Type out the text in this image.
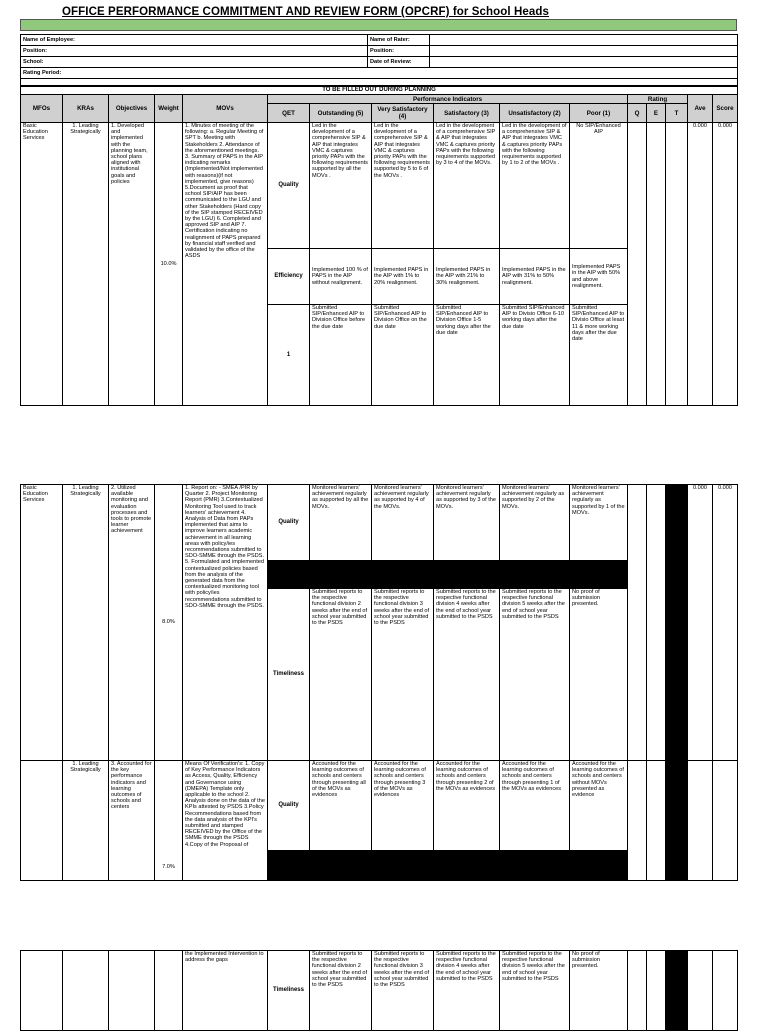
OFFICE PERFORMANCE COMMITMENT AND REVIEW FORM (OPCRF) for School Heads
Name of Employee:	Name of Rater:	
Position:	Position:	
School:	Date of Review:	
Rating Period:		

TO BE FILLED OUT DURING PLANNING															
MFOs	KRAs	Objectives	Weight	MOVs	Performance Indicators						Rating			Ave	Score
					QET	Outstanding (5)	Very Satisfactory (4)	Satisfactory (3)	Unsatisfactory (2)	Poor (1)	Q	E	T		
Basic Education Services	1. Leading Strategically	1. Developed and implemented with the planning team, school plans aligned with institutional goals and policies	10.0%	1. Minutes of meeting of the following: a. Regular Meeting of SPT b. Meeting with Stakeholders 2. Attendance of the aforementioned meetings. 3. Summary of PAPS in the AIP indicating remarks (Implemented/Not implemented with reasons)(if not implemented, give reasons) 5.Document as proof that school SIP/AIP has been communicated to the LGU and other Stakeholders (Hard copy of the SIP stamped RECEIVED by the LGU) 6. Completed and approved SIP and AIP 7. Certification indicating no realignment of PAPS prepared by financial staff verified and validated by the office of the ASDS	Quality	Led in the development of a comprehensive SIP & AIP that integrates VMC & captures priority PAPs with the following requirements supported by all the MOVs .	Led in the development of a comprehensive SIP & AIP that integrates VMC & captures priority PAPs with the following requirements supported by 5 to 6 of the MOVs .	Led in the development of a comprehensive SIP & AIP that integrates VMC & captures priority PAPs with the following requirements supported by 3 to 4 of the MOVs.	Led in the development of a comprehensive SIP & AIP that integrates VMC & captures priority PAPs with the following requirements supported by 1 to 2 of the MOVs .	No SIP/Enhanced AIP				0.000	0.000
					Efficiency	Implemented 100 % of PAPS in the AIP without realignment.	Implemented PAPS in the AIP with 1% to 20% realignment.	Implemented PAPS in the AIP with 21% to 30% realignment.	Implemented PAPS in the AIP with 31% to 50% realignment.	Implemented PAPS in the AIP with 50% and above realignment.					
					1	Submitted SIP/Enhanced AIP to Division Office before the due date	Submitted SIP/Enhanced AIP to Division Office on the due date	Submitted SIP/Enhanced AIP to Division Office 1-5 working days after the due date	Submitted SIP/Enhanced AIP to Divisio Office 6-10 working days after the due date	Submitted SIP/Enhanced AIP to Divisio Office at least 11 & more working days after the due date					
Basic Education Services	1. Leading Strategically	2. Utilized available monitoring and evaluation processes and tools to promote learner achievement	8.0%	1. Report on: - SMEA /PIR by Quarter 2. Project Monitoring Report (PMR) 3.Contextualized Monitoring Tool used to track learners' achievement 4. Analysis of Data from PAPs implemented that aims to improve learners academic achievement in all learning areas with policy/ies recommendations submitted to SDO-SMME through the PSDS. 5. Formulated and implemented contextualized policies based from the analysis of the generated data from the contextualized monitoring tool with policy/ies recommendations submitted to SDO-SMME through the PSDS.	Quality	Monitored learners' achievement regularly as supported by all the MOVs.	Monitored learners' achievement regularly as supported by 4 of the MOVs.	Monitored learners' achievement regularly as supported by 3 of the MOVs.	Monitored learners' achievement regularly as supported by 2 of the MOVs.	Monitored learners' achievement regularly as supported by 1 of the MOVs.				0.000	0.000

					Timeliness	Submitted reports to the respective functional division 2 weeks after the end of school year submitted to the PSDS	Submitted reports to the respective functional division 3 weeks after the end of school year submitted to the PSDS	Submitted reports to the respective functional division 4 weeks after the end of school year submitted to the PSDS	Submitted reports to the respective functional division 5 weeks after the end of school year submitted to the PSDS	No proof of submission presented.					
	1. Leading Strategically	3. Accounted for the key performance indicators and learning outcomes of schools and centers	7.0%	Means Of Verification's: 1. Copy of Key Performance Indicators as Access, Quality, Efficiency and Governance using (DMEPA) Template only applicable to the school 2. Analysis done on the data of the KPIs attested by PSDS 3.Policy Recommendations based from the data analysis of the KPI's submitted and stamped RECEIVED by the Office of the SMME through the PSDS 4.Copy of the Proposal of	Quality	Accounted for the learning outcomes of schools and centers through presenting all of the MOVs as evidences	Accounted for the learning outcomes of schools and centers through presenting 3 of the MOVs as evidences	Accounted for the learning outcomes of schools and centers through presenting 2 of the MOVs as evidences	Accounted for the learning outcomes of schools and centers through presenting 1 of the MOVs as evidences	Accounted for the learning outcomes of schools and centers without MOVs presented as evidence					

				the Implemented Intervention to address the gaps	Timeliness	Submitted reports to the respective functional division 2 weeks after the end of school year submitted to the PSDS	Submitted reports to the respective functional division 3 weeks after the end of school year submitted to the PSDS	Submitted reports to the respective functional division 4 weeks after the end of school year submitted to the PSDS	Submitted reports to the respective functional division 5 weeks after the end of school year submitted to the PSDS	No proof of submission presented.					
